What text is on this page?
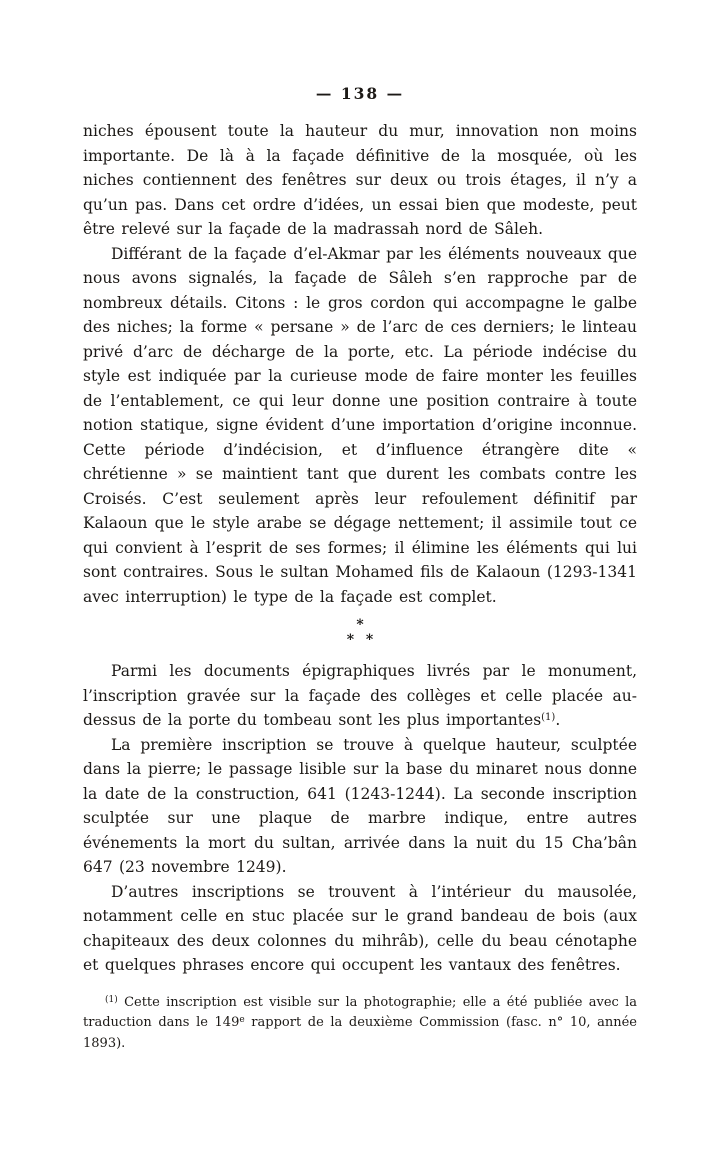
— 138 —

niches épousent toute la hauteur du mur, innovation non moins importante. De là à la façade définitive de la mosquée, où les niches contiennent des fenêtres sur deux ou trois étages, il n’y a qu’un pas. Dans cet ordre d’idées, un essai bien que modeste, peut être relevé sur la façade de la madrassah nord de Sâleh.

Différant de la façade d’el-Akmar par les éléments nouveaux que nous avons signalés, la façade de Sâleh s’en rapproche par de nombreux détails. Citons : le gros cordon qui accompagne le galbe des niches; la forme « persane » de l’arc de ces derniers; le linteau privé d’arc de décharge de la porte, etc. La période indécise du style est indiquée par la curieuse mode de faire monter les feuilles de l’entablement, ce qui leur donne une position contraire à toute notion statique, signe évident d’une importation d’origine inconnue. Cette période d’indécision, et d’influence étrangère dite « chrétienne » se maintient tant que durent les combats contre les Croisés. C’est seulement après leur refoulement définitif par Kalaoun que le style arabe se dégage nettement; il assimile tout ce qui convient à l’esprit de ses formes; il élimine les éléments qui lui sont contraires. Sous le sultan Mohamed fils de Kalaoun (1293-1341 avec interruption) le type de la façade est complet.

*
* *

Parmi les documents épigraphiques livrés par le monument, l’inscription gravée sur la façade des collèges et celle placée au-dessus de la porte du tombeau sont les plus importantes$^{(1)}$.

La première inscription se trouve à quelque hauteur, sculptée dans la pierre; le passage lisible sur la base du minaret nous donne la date de la construction, 641 (1243-1244). La seconde inscription sculptée sur une plaque de marbre indique, entre autres événements la mort du sultan, arrivée dans la nuit du 15 Cha’bân 647 (23 novembre 1249).

D’autres inscriptions se trouvent à l’intérieur du mausolée, notamment celle en stuc placée sur le grand bandeau de bois (aux chapiteaux des deux colonnes du mihrâb), celle du beau cénotaphe et quelques phrases encore qui occupent les vantaux des fenêtres.

$^{(1)}$ Cette inscription est visible sur la photographie; elle a été publiée avec la traduction dans le 149e rapport de la deuxième Commission (fasc. n° 10, année 1893).
